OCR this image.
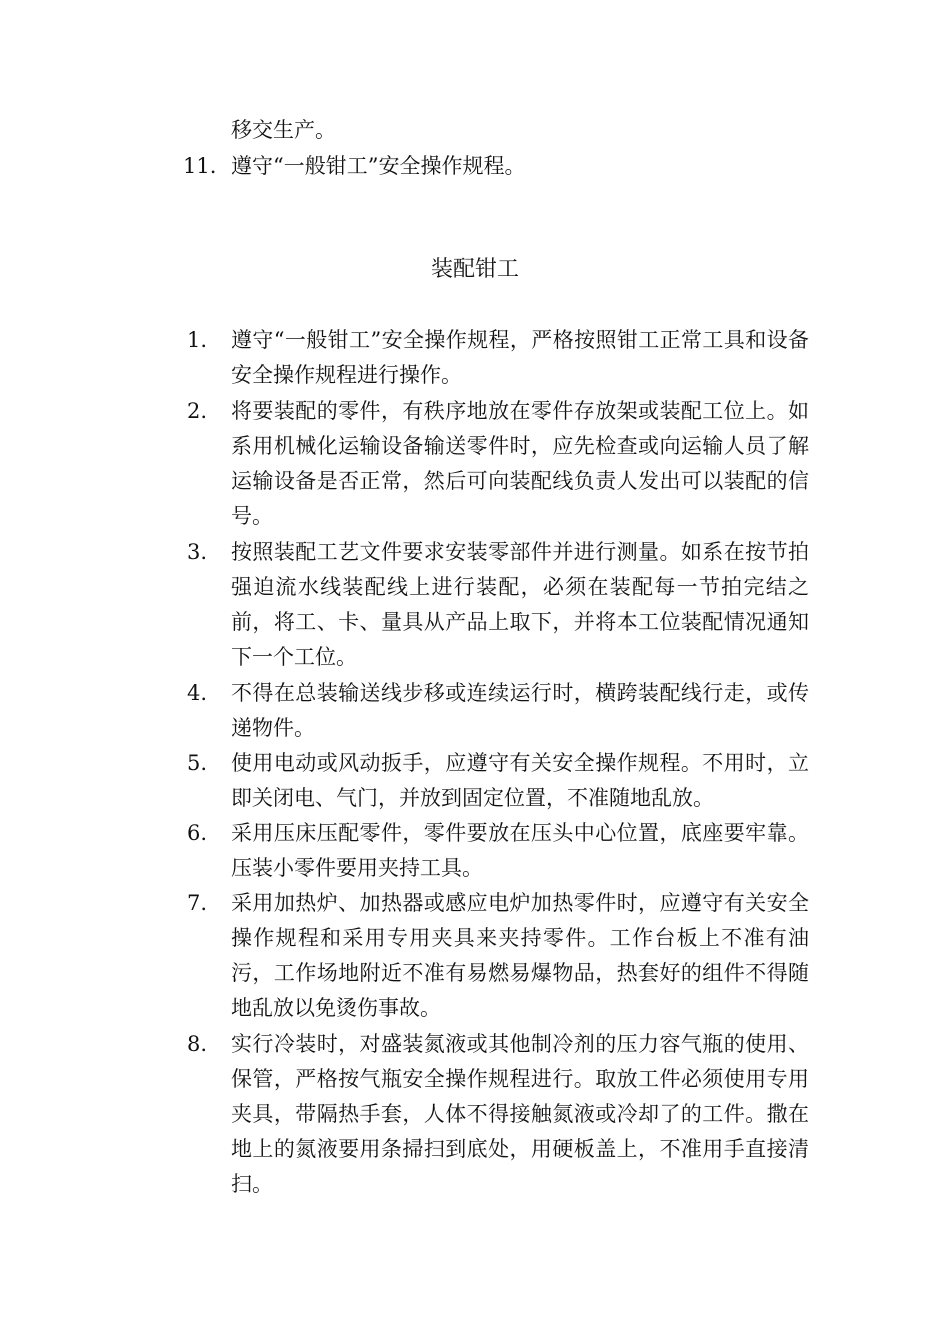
移交生产。
11. 遵守“一般钳工”安全操作规程。
装配钳工
1. 遵守“一般钳工”安全操作规程，严格按照钳工正常工具和设备安全操作规程进行操作。
2. 将要装配的零件，有秩序地放在零件存放架或装配工位上。如系用机械化运输设备输送零件时，应先检查或向运输人员了解运输设备是否正常，然后可向装配线负责人发出可以装配的信号。
3. 按照装配工艺文件要求安装零部件并进行测量。如系在按节拍强迫流水线装配线上进行装配，必须在装配每一节拍完结之前，将工、卡、量具从产品上取下，并将本工位装配情况通知下一个工位。
4. 不得在总装输送线步移或连续运行时，横跨装配线行走，或传递物件。
5. 使用电动或风动扳手，应遵守有关安全操作规程。不用时，立即关闭电、气门，并放到固定位置，不准随地乱放。
6. 采用压床压配零件，零件要放在压头中心位置，底座要牢靠。压装小零件要用夹持工具。
7. 采用加热炉、加热器或感应电炉加热零件时，应遵守有关安全操作规程和采用专用夹具来夹持零件。工作台板上不准有油污，工作场地附近不准有易燃易爆物品，热套好的组件不得随地乱放以免烫伤事故。
8. 实行冷装时，对盛装氮液或其他制冷剂的压力容气瓶的使用、保管，严格按气瓶安全操作规程进行。取放工件必须使用专用夹具，带隔热手套，人体不得接触氮液或冷却了的工件。撒在地上的氮液要用条掃扫到底处，用硬板盖上，不准用手直接清扫。
